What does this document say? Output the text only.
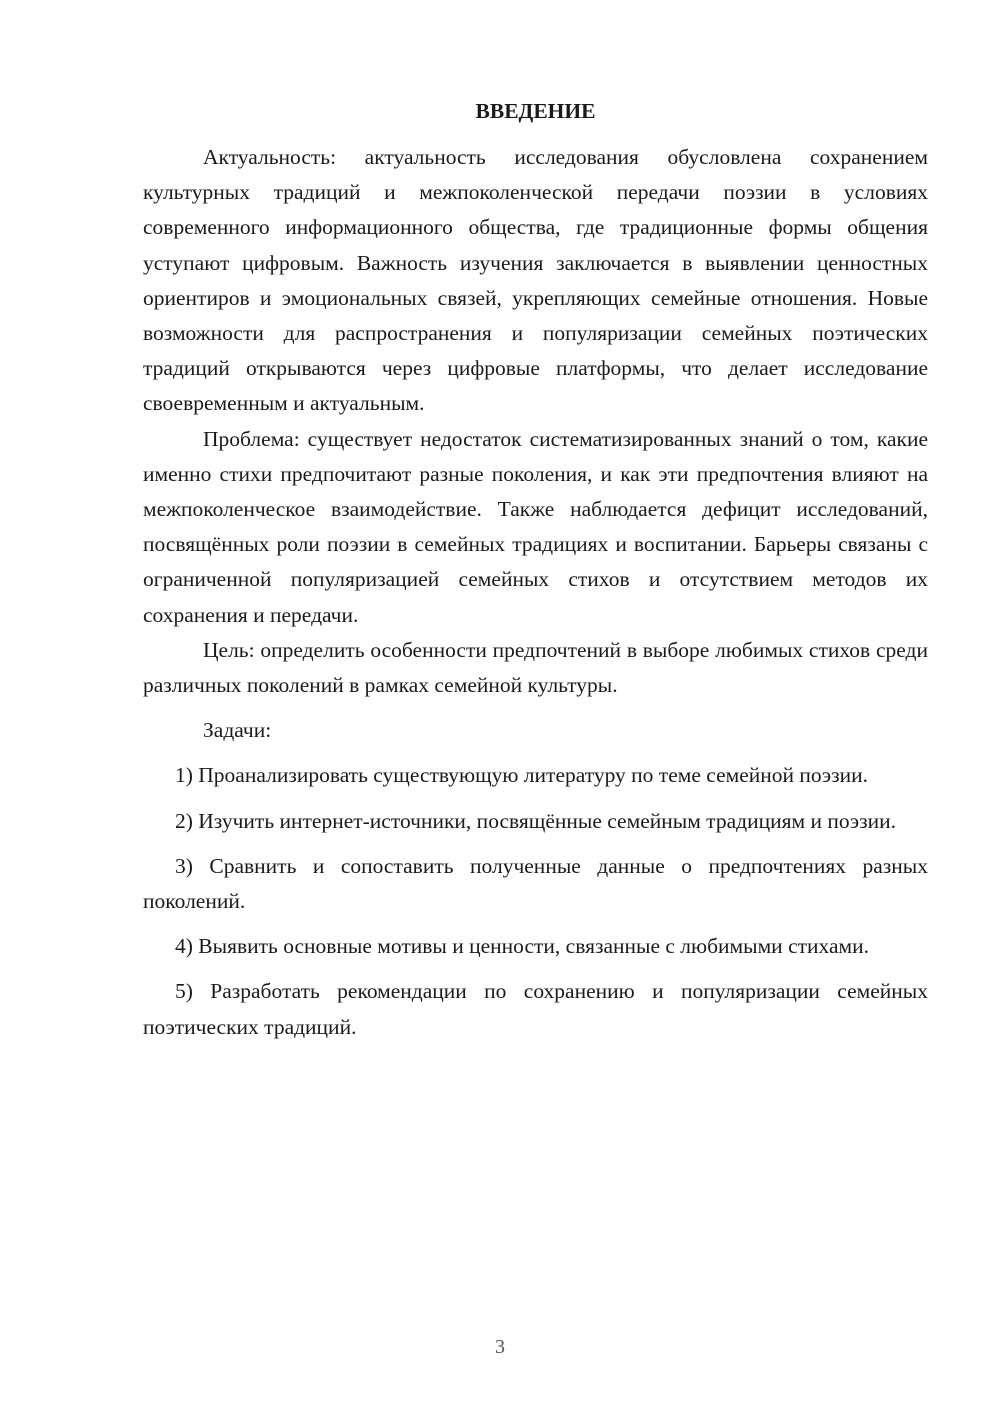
ВВЕДЕНИЕ

Актуальность: актуальность исследования обусловлена сохранением культурных традиций и межпоколенческой передачи поэзии в условиях современного информационного общества, где традиционные формы общения уступают цифровым. Важность изучения заключается в выявлении ценностных ориентиров и эмоциональных связей, укрепляющих семейные отношения. Новые возможности для распространения и популяризации семейных поэтических традиций открываются через цифровые платформы, что делает исследование своевременным и актуальным.

Проблема: существует недостаток систематизированных знаний о том, какие именно стихи предпочитают разные поколения, и как эти предпочтения влияют на межпоколенческое взаимодействие. Также наблюдается дефицит исследований, посвящённых роли поэзии в семейных традициях и воспитании. Барьеры связаны с ограниченной популяризацией семейных стихов и отсутствием методов их сохранения и передачи.

Цель: определить особенности предпочтений в выборе любимых стихов среди различных поколений в рамках семейной культуры.

Задачи:

1) Проанализировать существующую литературу по теме семейной поэзии.

2) Изучить интернет-источники, посвящённые семейным традициям и поэзии.

3) Сравнить и сопоставить полученные данные о предпочтениях разных поколений.

4) Выявить основные мотивы и ценности, связанные с любимыми стихами.

5) Разработать рекомендации по сохранению и популяризации семейных поэтических традиций.

3
